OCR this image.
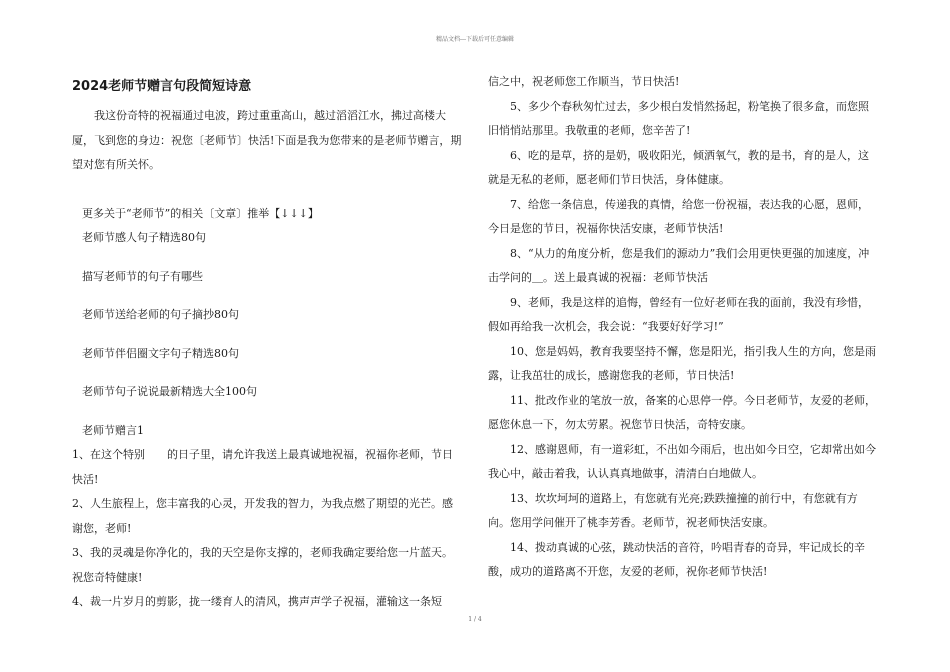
精品文档---下载后可任意编辑
2024老师节赠言句段简短诗意

我这份奇特的祝福通过电波，跨过重重高山，越过滔滔江水，拂过高楼大厦，飞到您的身边：祝您〔老师节〕快活!下面是我为您带来的是老师节赠言，期望对您有所关怀。

更多关于“老师节”的相关〔文章〕推举【↓↓↓】

老师节感人句子精选80句

描写老师节的句子有哪些

老师节送给老师的句子摘抄80句

老师节伴侣圈文字句子精选80句

老师节句子说说最新精选大全100句

老师节赠言1

1、在这个特别　　的日子里，请允许我送上最真诚地祝福，祝福你老师，节日快活!

2、人生旅程上，您丰富我的心灵，开发我的智力，为我点燃了期望的光芒。感谢您，老师!

3、我的灵魂是你净化的，我的天空是你支撑的，老师我确定要给您一片蓝天。祝您奇特健康!

4、裁一片岁月的剪影，拢一缕育人的清风，携声声学子祝福，灌输这一条短

信之中，祝老师您工作顺当，节日快活!

5、多少个春秋匆忙过去，多少根白发悄然扬起，粉笔换了很多盒，而您照旧悄悄站那里。我敬重的老师，您辛苦了!

6、吃的是草，挤的是奶，吸收阳光，倾洒氧气，教的是书，育的是人，这就是无私的老师，愿老师们节日快活，身体健康。

7、给您一条信息，传递我的真情，给您一份祝福，表达我的心愿，恩师，今日是您的节日，祝福你快活安康，老师节快活!

8、“从力的角度分析，您是我们的源动力”我们会用更快更强的加速度，冲击学问的＿。送上最真诚的祝福：老师节快活

9、老师，我是这样的追悔，曾经有一位好老师在我的面前，我没有珍惜，假如再给我一次机会，我会说：“我要好好学习!”

10、您是妈妈，教育我要坚持不懈，您是阳光，指引我人生的方向，您是雨露，让我茁壮的成长，感谢您我的老师，节日快活!

11、批改作业的笔放一放，备案的心思停一停。今日老师节，友爱的老师，愿您休息一下，勿太劳累。祝您节日快活，奇特安康。

12、感谢恩师，有一道彩虹，不出如今雨后，也出如今日空，它却常出如今我心中，敲击着我，认认真真地做事，清清白白地做人。

13、坎坎坷坷的道路上，有您就有光亮;跌跌撞撞的前行中，有您就有方向。您用学问催开了桃李芳香。老师节，祝老师快活安康。

14、拨动真诚的心弦，跳动快活的音符，吟唱青春的奇异，牢记成长的辛酸，成功的道路离不开您，友爱的老师，祝你老师节快活!

1 / 4
